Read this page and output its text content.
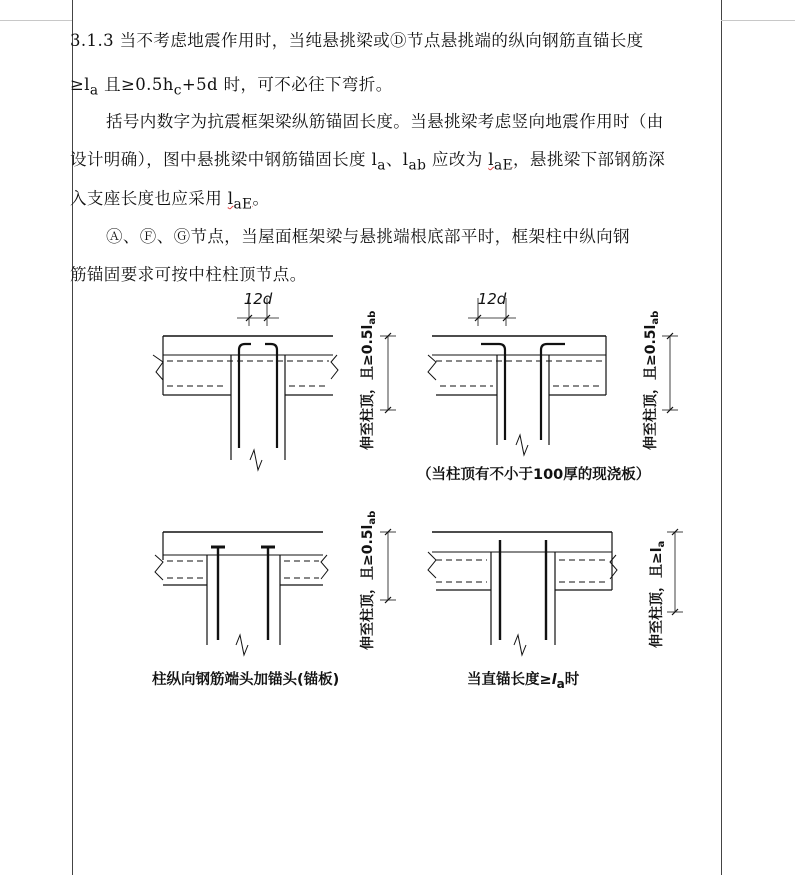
3.1.3 当不考虑地震作用时，当纯悬挑梁或Ⓓ节点悬挑端的纵向钢筋直锚长度
$\ge l_a$ 且$\ge 0.5h_c+5d$ 时，可不必往下弯折。
括号内数字为抗震框架梁纵筋锚固长度。当悬挑梁考虑竖向地震作用时（由
设计明确），图中悬挑梁中钢筋锚固长度 $l_a$、$l_{ab}$ 应改为 $l_{aE}$，悬挑梁下部钢筋深
入支座长度也应采用 $l_{aE}$。
Ⓐ、Ⓕ、Ⓖ节点，当屋面框架梁与悬挑端根底部平时，框架柱中纵向钢
筋锚固要求可按中柱柱顶节点。
12d
伸至柱顶，且$\ge 0.5l_{ab}$
12d
伸至柱顶，且$\ge 0.5l_{ab}$
伸至柱顶，且$\ge 0.5l_{ab}$
伸至柱顶，且$\ge l_a$
（当柱顶有不小于100厚的现浇板）
柱纵向钢筋端头加锚头(锚板)	当直锚长度$\ge l_a$时
